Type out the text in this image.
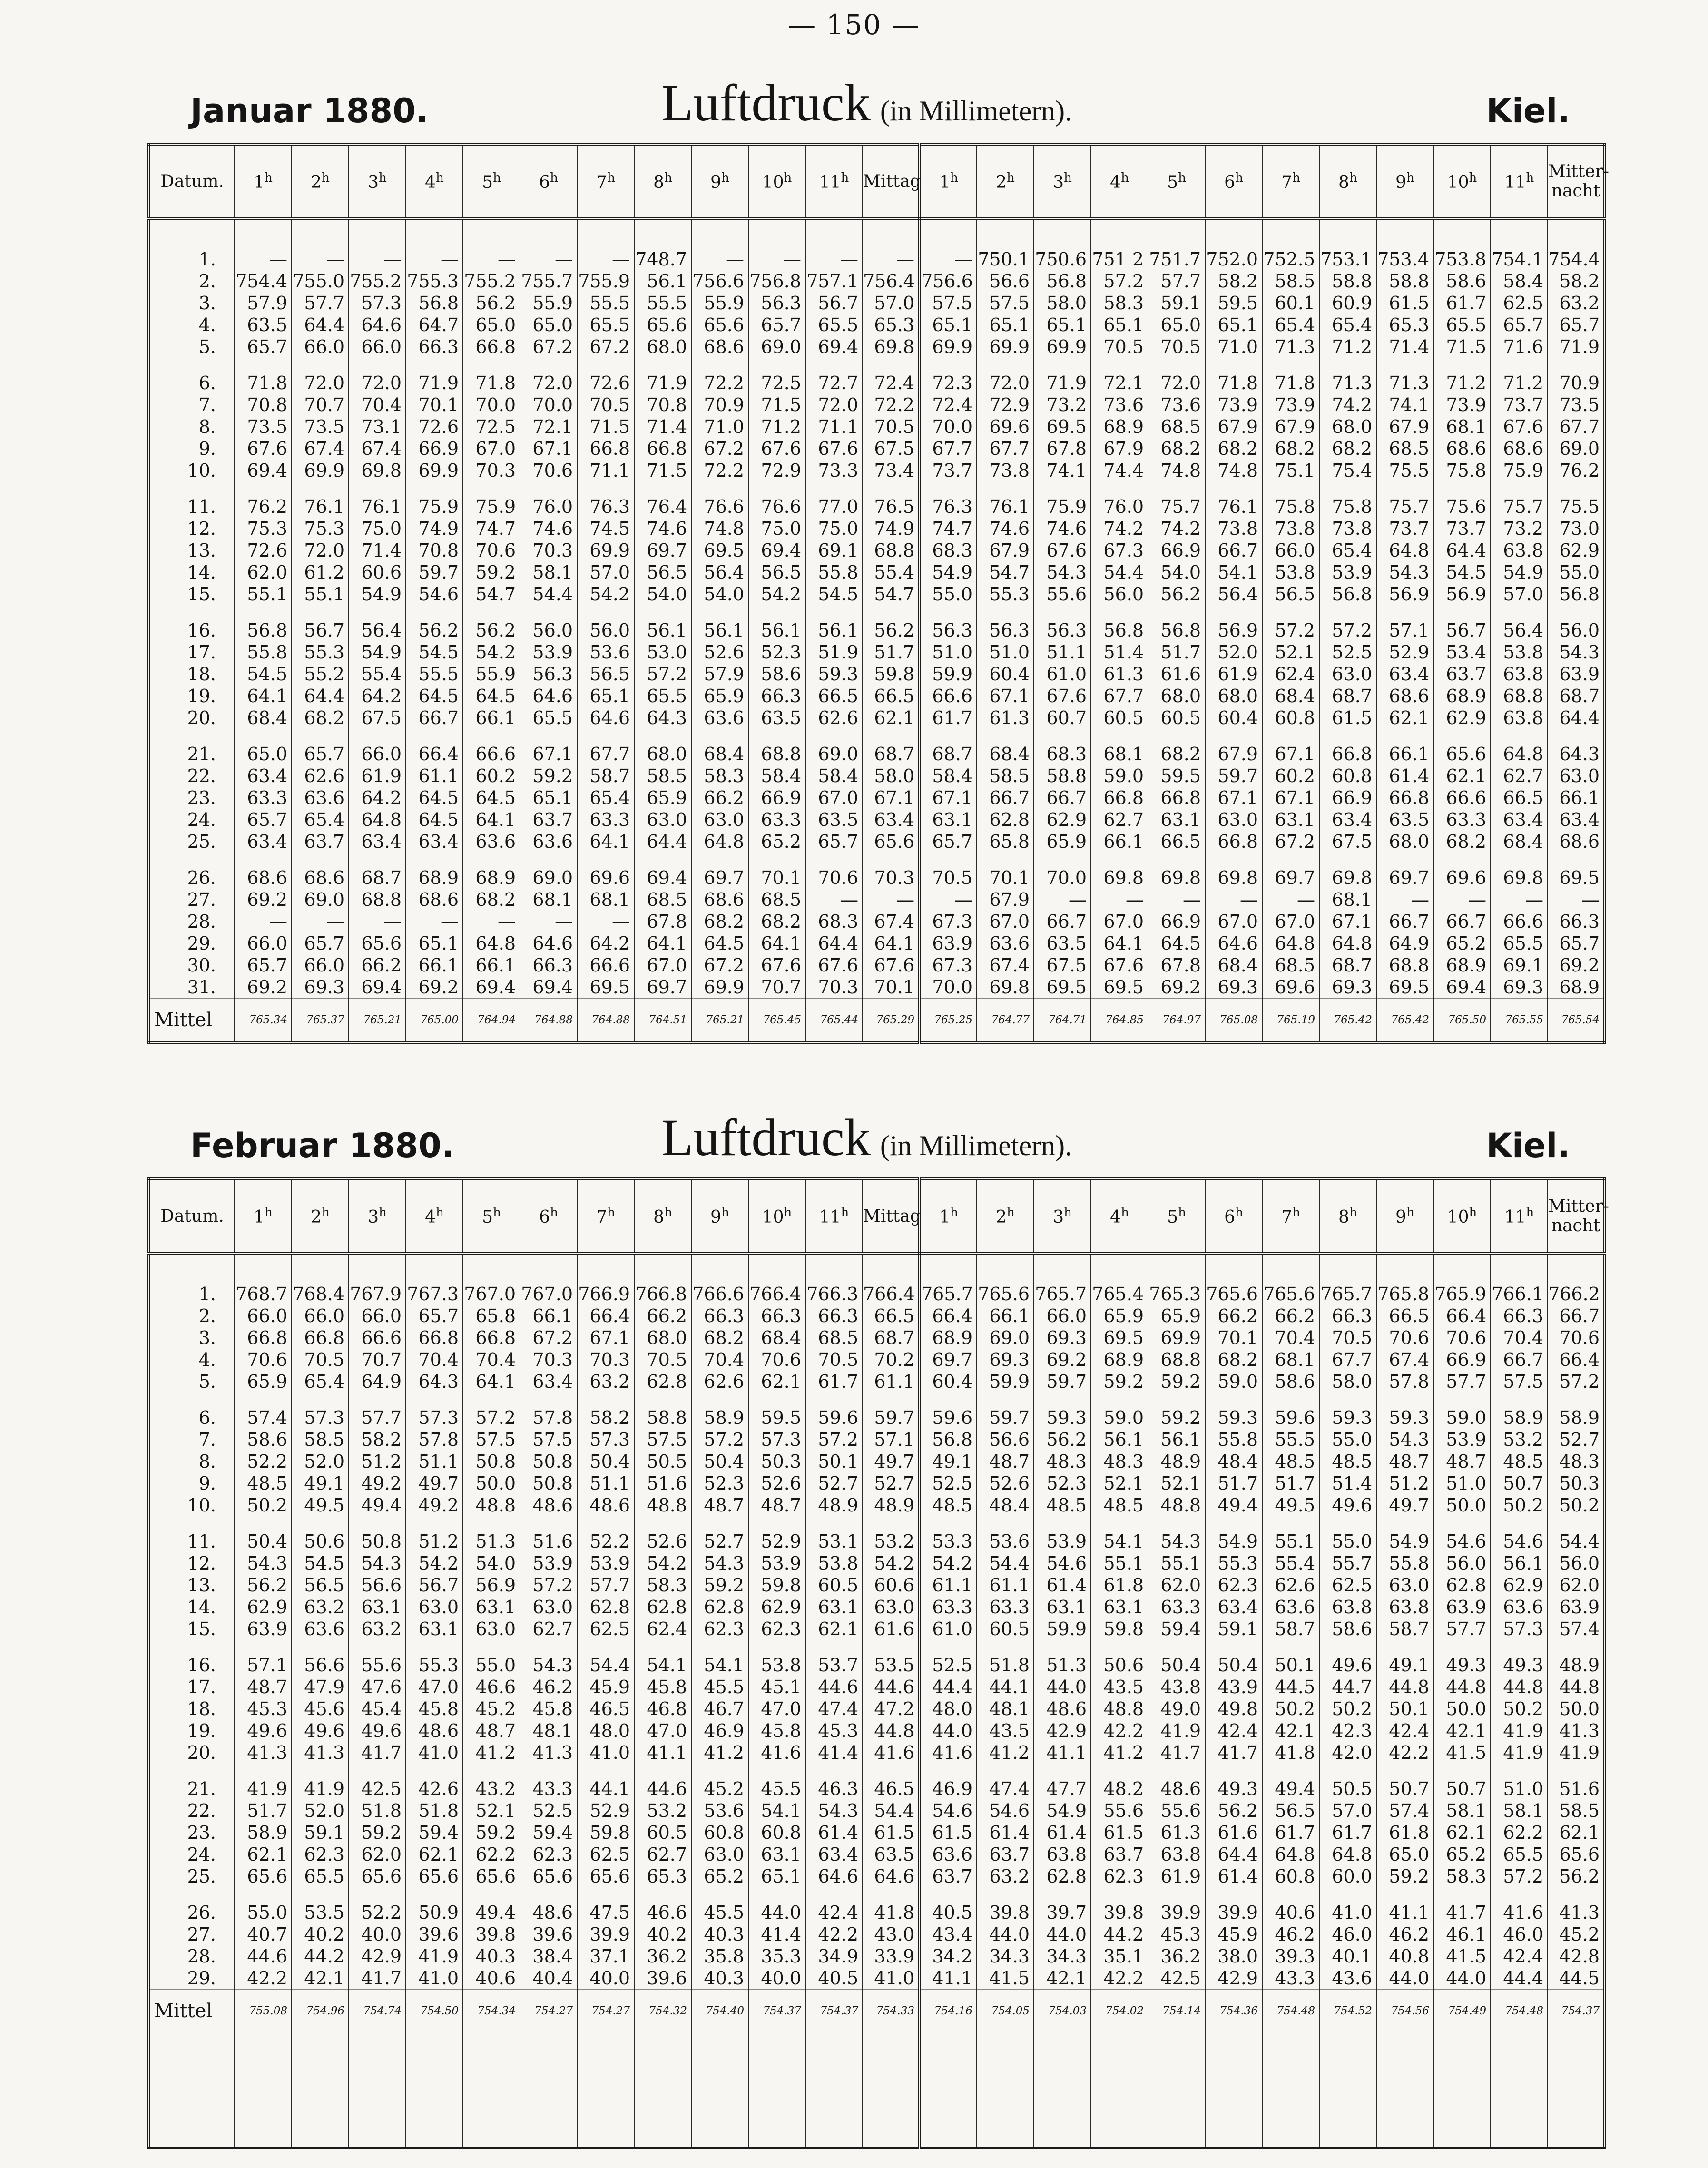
— 150 —
Januar 1880.	Luftdruck (in Millimetern).	Kiel.
Datum.	1$^h$	2$^h$	3$^h$	4$^h$	5$^h$	6$^h$	7$^h$	8$^h$	9$^h$	10$^h$	11$^h$	Mittag	1$^h$	2$^h$	3$^h$	4$^h$	5$^h$	6$^h$	7$^h$	8$^h$	9$^h$	10$^h$	11$^h$	Mitter-nacht

1.	—	—	—	—	—	—	—	748.7	—	—	—	—	—	750.1	750.6	751 2	751.7	752.0	752.5	753.1	753.4	753.8	754.1	754.4
2.	754.4	755.0	755.2	755.3	755.2	755.7	755.9	56.1	756.6	756.8	757.1	756.4	756.6	56.6	56.8	57.2	57.7	58.2	58.5	58.8	58.8	58.6	58.4	58.2
3.	57.9	57.7	57.3	56.8	56.2	55.9	55.5	55.5	55.9	56.3	56.7	57.0	57.5	57.5	58.0	58.3	59.1	59.5	60.1	60.9	61.5	61.7	62.5	63.2
4.	63.5	64.4	64.6	64.7	65.0	65.0	65.5	65.6	65.6	65.7	65.5	65.3	65.1	65.1	65.1	65.1	65.0	65.1	65.4	65.4	65.3	65.5	65.7	65.7
5.	65.7	66.0	66.0	66.3	66.8	67.2	67.2	68.0	68.6	69.0	69.4	69.8	69.9	69.9	69.9	70.5	70.5	71.0	71.3	71.2	71.4	71.5	71.6	71.9

6.	71.8	72.0	72.0	71.9	71.8	72.0	72.6	71.9	72.2	72.5	72.7	72.4	72.3	72.0	71.9	72.1	72.0	71.8	71.8	71.3	71.3	71.2	71.2	70.9
7.	70.8	70.7	70.4	70.1	70.0	70.0	70.5	70.8	70.9	71.5	72.0	72.2	72.4	72.9	73.2	73.6	73.6	73.9	73.9	74.2	74.1	73.9	73.7	73.5
8.	73.5	73.5	73.1	72.6	72.5	72.1	71.5	71.4	71.0	71.2	71.1	70.5	70.0	69.6	69.5	68.9	68.5	67.9	67.9	68.0	67.9	68.1	67.6	67.7
9.	67.6	67.4	67.4	66.9	67.0	67.1	66.8	66.8	67.2	67.6	67.6	67.5	67.7	67.7	67.8	67.9	68.2	68.2	68.2	68.2	68.5	68.6	68.6	69.0
10.	69.4	69.9	69.8	69.9	70.3	70.6	71.1	71.5	72.2	72.9	73.3	73.4	73.7	73.8	74.1	74.4	74.8	74.8	75.1	75.4	75.5	75.8	75.9	76.2

11.	76.2	76.1	76.1	75.9	75.9	76.0	76.3	76.4	76.6	76.6	77.0	76.5	76.3	76.1	75.9	76.0	75.7	76.1	75.8	75.8	75.7	75.6	75.7	75.5
12.	75.3	75.3	75.0	74.9	74.7	74.6	74.5	74.6	74.8	75.0	75.0	74.9	74.7	74.6	74.6	74.2	74.2	73.8	73.8	73.8	73.7	73.7	73.2	73.0
13.	72.6	72.0	71.4	70.8	70.6	70.3	69.9	69.7	69.5	69.4	69.1	68.8	68.3	67.9	67.6	67.3	66.9	66.7	66.0	65.4	64.8	64.4	63.8	62.9
14.	62.0	61.2	60.6	59.7	59.2	58.1	57.0	56.5	56.4	56.5	55.8	55.4	54.9	54.7	54.3	54.4	54.0	54.1	53.8	53.9	54.3	54.5	54.9	55.0
15.	55.1	55.1	54.9	54.6	54.7	54.4	54.2	54.0	54.0	54.2	54.5	54.7	55.0	55.3	55.6	56.0	56.2	56.4	56.5	56.8	56.9	56.9	57.0	56.8

16.	56.8	56.7	56.4	56.2	56.2	56.0	56.0	56.1	56.1	56.1	56.1	56.2	56.3	56.3	56.3	56.8	56.8	56.9	57.2	57.2	57.1	56.7	56.4	56.0
17.	55.8	55.3	54.9	54.5	54.2	53.9	53.6	53.0	52.6	52.3	51.9	51.7	51.0	51.0	51.1	51.4	51.7	52.0	52.1	52.5	52.9	53.4	53.8	54.3
18.	54.5	55.2	55.4	55.5	55.9	56.3	56.5	57.2	57.9	58.6	59.3	59.8	59.9	60.4	61.0	61.3	61.6	61.9	62.4	63.0	63.4	63.7	63.8	63.9
19.	64.1	64.4	64.2	64.5	64.5	64.6	65.1	65.5	65.9	66.3	66.5	66.5	66.6	67.1	67.6	67.7	68.0	68.0	68.4	68.7	68.6	68.9	68.8	68.7
20.	68.4	68.2	67.5	66.7	66.1	65.5	64.6	64.3	63.6	63.5	62.6	62.1	61.7	61.3	60.7	60.5	60.5	60.4	60.8	61.5	62.1	62.9	63.8	64.4

21.	65.0	65.7	66.0	66.4	66.6	67.1	67.7	68.0	68.4	68.8	69.0	68.7	68.7	68.4	68.3	68.1	68.2	67.9	67.1	66.8	66.1	65.6	64.8	64.3
22.	63.4	62.6	61.9	61.1	60.2	59.2	58.7	58.5	58.3	58.4	58.4	58.0	58.4	58.5	58.8	59.0	59.5	59.7	60.2	60.8	61.4	62.1	62.7	63.0
23.	63.3	63.6	64.2	64.5	64.5	65.1	65.4	65.9	66.2	66.9	67.0	67.1	67.1	66.7	66.7	66.8	66.8	67.1	67.1	66.9	66.8	66.6	66.5	66.1
24.	65.7	65.4	64.8	64.5	64.1	63.7	63.3	63.0	63.0	63.3	63.5	63.4	63.1	62.8	62.9	62.7	63.1	63.0	63.1	63.4	63.5	63.3	63.4	63.4
25.	63.4	63.7	63.4	63.4	63.6	63.6	64.1	64.4	64.8	65.2	65.7	65.6	65.7	65.8	65.9	66.1	66.5	66.8	67.2	67.5	68.0	68.2	68.4	68.6

26.	68.6	68.6	68.7	68.9	68.9	69.0	69.6	69.4	69.7	70.1	70.6	70.3	70.5	70.1	70.0	69.8	69.8	69.8	69.7	69.8	69.7	69.6	69.8	69.5
27.	69.2	69.0	68.8	68.6	68.2	68.1	68.1	68.5	68.6	68.5	—	—	—	67.9	—	—	—	—	—	68.1	—	—	—	—
28.	—	—	—	—	—	—	—	67.8	68.2	68.2	68.3	67.4	67.3	67.0	66.7	67.0	66.9	67.0	67.0	67.1	66.7	66.7	66.6	66.3
29.	66.0	65.7	65.6	65.1	64.8	64.6	64.2	64.1	64.5	64.1	64.4	64.1	63.9	63.6	63.5	64.1	64.5	64.6	64.8	64.8	64.9	65.2	65.5	65.7
30.	65.7	66.0	66.2	66.1	66.1	66.3	66.6	67.0	67.2	67.6	67.6	67.6	67.3	67.4	67.5	67.6	67.8	68.4	68.5	68.7	68.8	68.9	69.1	69.2
31.	69.2	69.3	69.4	69.2	69.4	69.4	69.5	69.7	69.9	70.7	70.3	70.1	70.0	69.8	69.5	69.5	69.2	69.3	69.6	69.3	69.5	69.4	69.3	68.9
Mittel	765.34	765.37	765.21	765.00	764.94	764.88	764.88	764.51	765.21	765.45	765.44	765.29	765.25	764.77	764.71	764.85	764.97	765.08	765.19	765.42	765.42	765.50	765.55	765.54
Februar 1880.	Luftdruck (in Millimetern).	Kiel.
Datum.	1$^h$	2$^h$	3$^h$	4$^h$	5$^h$	6$^h$	7$^h$	8$^h$	9$^h$	10$^h$	11$^h$	Mittag	1$^h$	2$^h$	3$^h$	4$^h$	5$^h$	6$^h$	7$^h$	8$^h$	9$^h$	10$^h$	11$^h$	Mitter-nacht

1.	768.7	768.4	767.9	767.3	767.0	767.0	766.9	766.8	766.6	766.4	766.3	766.4	765.7	765.6	765.7	765.4	765.3	765.6	765.6	765.7	765.8	765.9	766.1	766.2
2.	66.0	66.0	66.0	65.7	65.8	66.1	66.4	66.2	66.3	66.3	66.3	66.5	66.4	66.1	66.0	65.9	65.9	66.2	66.2	66.3	66.5	66.4	66.3	66.7
3.	66.8	66.8	66.6	66.8	66.8	67.2	67.1	68.0	68.2	68.4	68.5	68.7	68.9	69.0	69.3	69.5	69.9	70.1	70.4	70.5	70.6	70.6	70.4	70.6
4.	70.6	70.5	70.7	70.4	70.4	70.3	70.3	70.5	70.4	70.6	70.5	70.2	69.7	69.3	69.2	68.9	68.8	68.2	68.1	67.7	67.4	66.9	66.7	66.4
5.	65.9	65.4	64.9	64.3	64.1	63.4	63.2	62.8	62.6	62.1	61.7	61.1	60.4	59.9	59.7	59.2	59.2	59.0	58.6	58.0	57.8	57.7	57.5	57.2

6.	57.4	57.3	57.7	57.3	57.2	57.8	58.2	58.8	58.9	59.5	59.6	59.7	59.6	59.7	59.3	59.0	59.2	59.3	59.6	59.3	59.3	59.0	58.9	58.9
7.	58.6	58.5	58.2	57.8	57.5	57.5	57.3	57.5	57.2	57.3	57.2	57.1	56.8	56.6	56.2	56.1	56.1	55.8	55.5	55.0	54.3	53.9	53.2	52.7
8.	52.2	52.0	51.2	51.1	50.8	50.8	50.4	50.5	50.4	50.3	50.1	49.7	49.1	48.7	48.3	48.3	48.9	48.4	48.5	48.5	48.7	48.7	48.5	48.3
9.	48.5	49.1	49.2	49.7	50.0	50.8	51.1	51.6	52.3	52.6	52.7	52.7	52.5	52.6	52.3	52.1	52.1	51.7	51.7	51.4	51.2	51.0	50.7	50.3
10.	50.2	49.5	49.4	49.2	48.8	48.6	48.6	48.8	48.7	48.7	48.9	48.9	48.5	48.4	48.5	48.5	48.8	49.4	49.5	49.6	49.7	50.0	50.2	50.2

11.	50.4	50.6	50.8	51.2	51.3	51.6	52.2	52.6	52.7	52.9	53.1	53.2	53.3	53.6	53.9	54.1	54.3	54.9	55.1	55.0	54.9	54.6	54.6	54.4
12.	54.3	54.5	54.3	54.2	54.0	53.9	53.9	54.2	54.3	53.9	53.8	54.2	54.2	54.4	54.6	55.1	55.1	55.3	55.4	55.7	55.8	56.0	56.1	56.0
13.	56.2	56.5	56.6	56.7	56.9	57.2	57.7	58.3	59.2	59.8	60.5	60.6	61.1	61.1	61.4	61.8	62.0	62.3	62.6	62.5	63.0	62.8	62.9	62.0
14.	62.9	63.2	63.1	63.0	63.1	63.0	62.8	62.8	62.8	62.9	63.1	63.0	63.3	63.3	63.1	63.1	63.3	63.4	63.6	63.8	63.8	63.9	63.6	63.9
15.	63.9	63.6	63.2	63.1	63.0	62.7	62.5	62.4	62.3	62.3	62.1	61.6	61.0	60.5	59.9	59.8	59.4	59.1	58.7	58.6	58.7	57.7	57.3	57.4

16.	57.1	56.6	55.6	55.3	55.0	54.3	54.4	54.1	54.1	53.8	53.7	53.5	52.5	51.8	51.3	50.6	50.4	50.4	50.1	49.6	49.1	49.3	49.3	48.9
17.	48.7	47.9	47.6	47.0	46.6	46.2	45.9	45.8	45.5	45.1	44.6	44.6	44.4	44.1	44.0	43.5	43.8	43.9	44.5	44.7	44.8	44.8	44.8	44.8
18.	45.3	45.6	45.4	45.8	45.2	45.8	46.5	46.8	46.7	47.0	47.4	47.2	48.0	48.1	48.6	48.8	49.0	49.8	50.2	50.2	50.1	50.0	50.2	50.0
19.	49.6	49.6	49.6	48.6	48.7	48.1	48.0	47.0	46.9	45.8	45.3	44.8	44.0	43.5	42.9	42.2	41.9	42.4	42.1	42.3	42.4	42.1	41.9	41.3
20.	41.3	41.3	41.7	41.0	41.2	41.3	41.0	41.1	41.2	41.6	41.4	41.6	41.6	41.2	41.1	41.2	41.7	41.7	41.8	42.0	42.2	41.5	41.9	41.9

21.	41.9	41.9	42.5	42.6	43.2	43.3	44.1	44.6	45.2	45.5	46.3	46.5	46.9	47.4	47.7	48.2	48.6	49.3	49.4	50.5	50.7	50.7	51.0	51.6
22.	51.7	52.0	51.8	51.8	52.1	52.5	52.9	53.2	53.6	54.1	54.3	54.4	54.6	54.6	54.9	55.6	55.6	56.2	56.5	57.0	57.4	58.1	58.1	58.5
23.	58.9	59.1	59.2	59.4	59.2	59.4	59.8	60.5	60.8	60.8	61.4	61.5	61.5	61.4	61.4	61.5	61.3	61.6	61.7	61.7	61.8	62.1	62.2	62.1
24.	62.1	62.3	62.0	62.1	62.2	62.3	62.5	62.7	63.0	63.1	63.4	63.5	63.6	63.7	63.8	63.7	63.8	64.4	64.8	64.8	65.0	65.2	65.5	65.6
25.	65.6	65.5	65.6	65.6	65.6	65.6	65.6	65.3	65.2	65.1	64.6	64.6	63.7	63.2	62.8	62.3	61.9	61.4	60.8	60.0	59.2	58.3	57.2	56.2

26.	55.0	53.5	52.2	50.9	49.4	48.6	47.5	46.6	45.5	44.0	42.4	41.8	40.5	39.8	39.7	39.8	39.9	39.9	40.6	41.0	41.1	41.7	41.6	41.3
27.	40.7	40.2	40.0	39.6	39.8	39.6	39.9	40.2	40.3	41.4	42.2	43.0	43.4	44.0	44.0	44.2	45.3	45.9	46.2	46.0	46.2	46.1	46.0	45.2
28.	44.6	44.2	42.9	41.9	40.3	38.4	37.1	36.2	35.8	35.3	34.9	33.9	34.2	34.3	34.3	35.1	36.2	38.0	39.3	40.1	40.8	41.5	42.4	42.8
29.	42.2	42.1	41.7	41.0	40.6	40.4	40.0	39.6	40.3	40.0	40.5	41.0	41.1	41.5	42.1	42.2	42.5	42.9	43.3	43.6	44.0	44.0	44.4	44.5
Mittel	755.08	754.96	754.74	754.50	754.34	754.27	754.27	754.32	754.40	754.37	754.37	754.33	754.16	754.05	754.03	754.02	754.14	754.36	754.48	754.52	754.56	754.49	754.48	754.37
